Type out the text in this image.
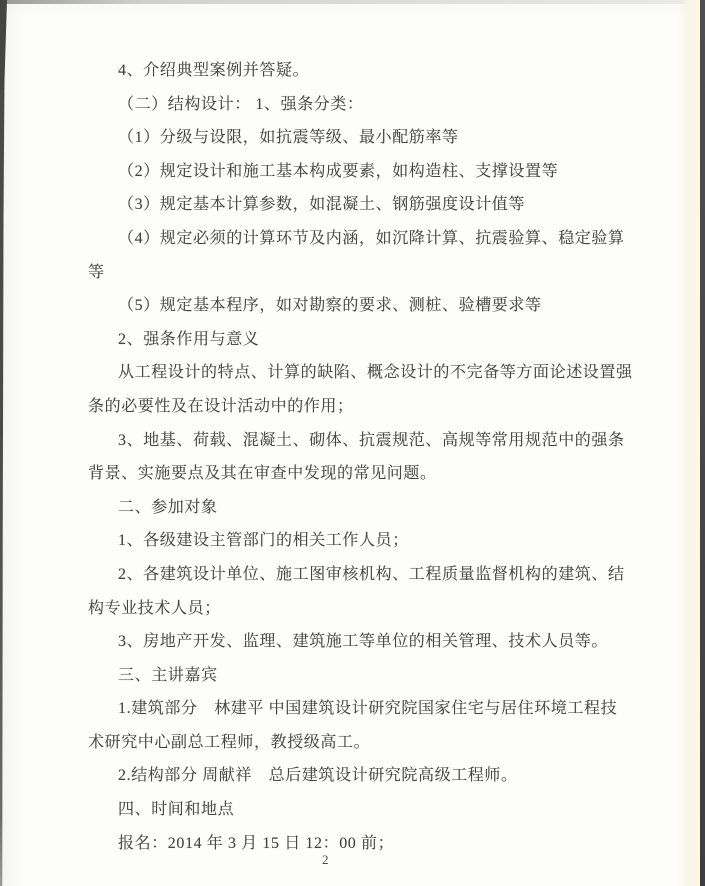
4、介绍典型案例并答疑。

（二）结构设计： 1、强条分类：

（1）分级与设限，如抗震等级、最小配筋率等

（2）规定设计和施工基本构成要素，如构造柱、支撑设置等

（3）规定基本计算参数，如混凝土、钢筋强度设计值等

（4）规定必须的计算环节及内涵，如沉降计算、抗震验算、稳定验算

等

（5）规定基本程序，如对勘察的要求、测桩、验槽要求等

2、强条作用与意义

从工程设计的特点、计算的缺陷、概念设计的不完备等方面论述设置强

条的必要性及在设计活动中的作用；

3、地基、荷载、混凝土、砌体、抗震规范、高规等常用规范中的强条

背景、实施要点及其在审查中发现的常见问题。

二、参加对象

1、各级建设主管部门的相关工作人员；

2、各建筑设计单位、施工图审核机构、工程质量监督机构的建筑、结

构专业技术人员；

3、房地产开发、监理、建筑施工等单位的相关管理、技术人员等。

三、主讲嘉宾

1.建筑部分　林建平 中国建筑设计研究院国家住宅与居住环境工程技

术研究中心副总工程师，教授级高工。

2.结构部分 周献祥　总后建筑设计研究院高级工程师。

四、时间和地点

报名：2014 年 3 月 15 日 12：00 前；

2
